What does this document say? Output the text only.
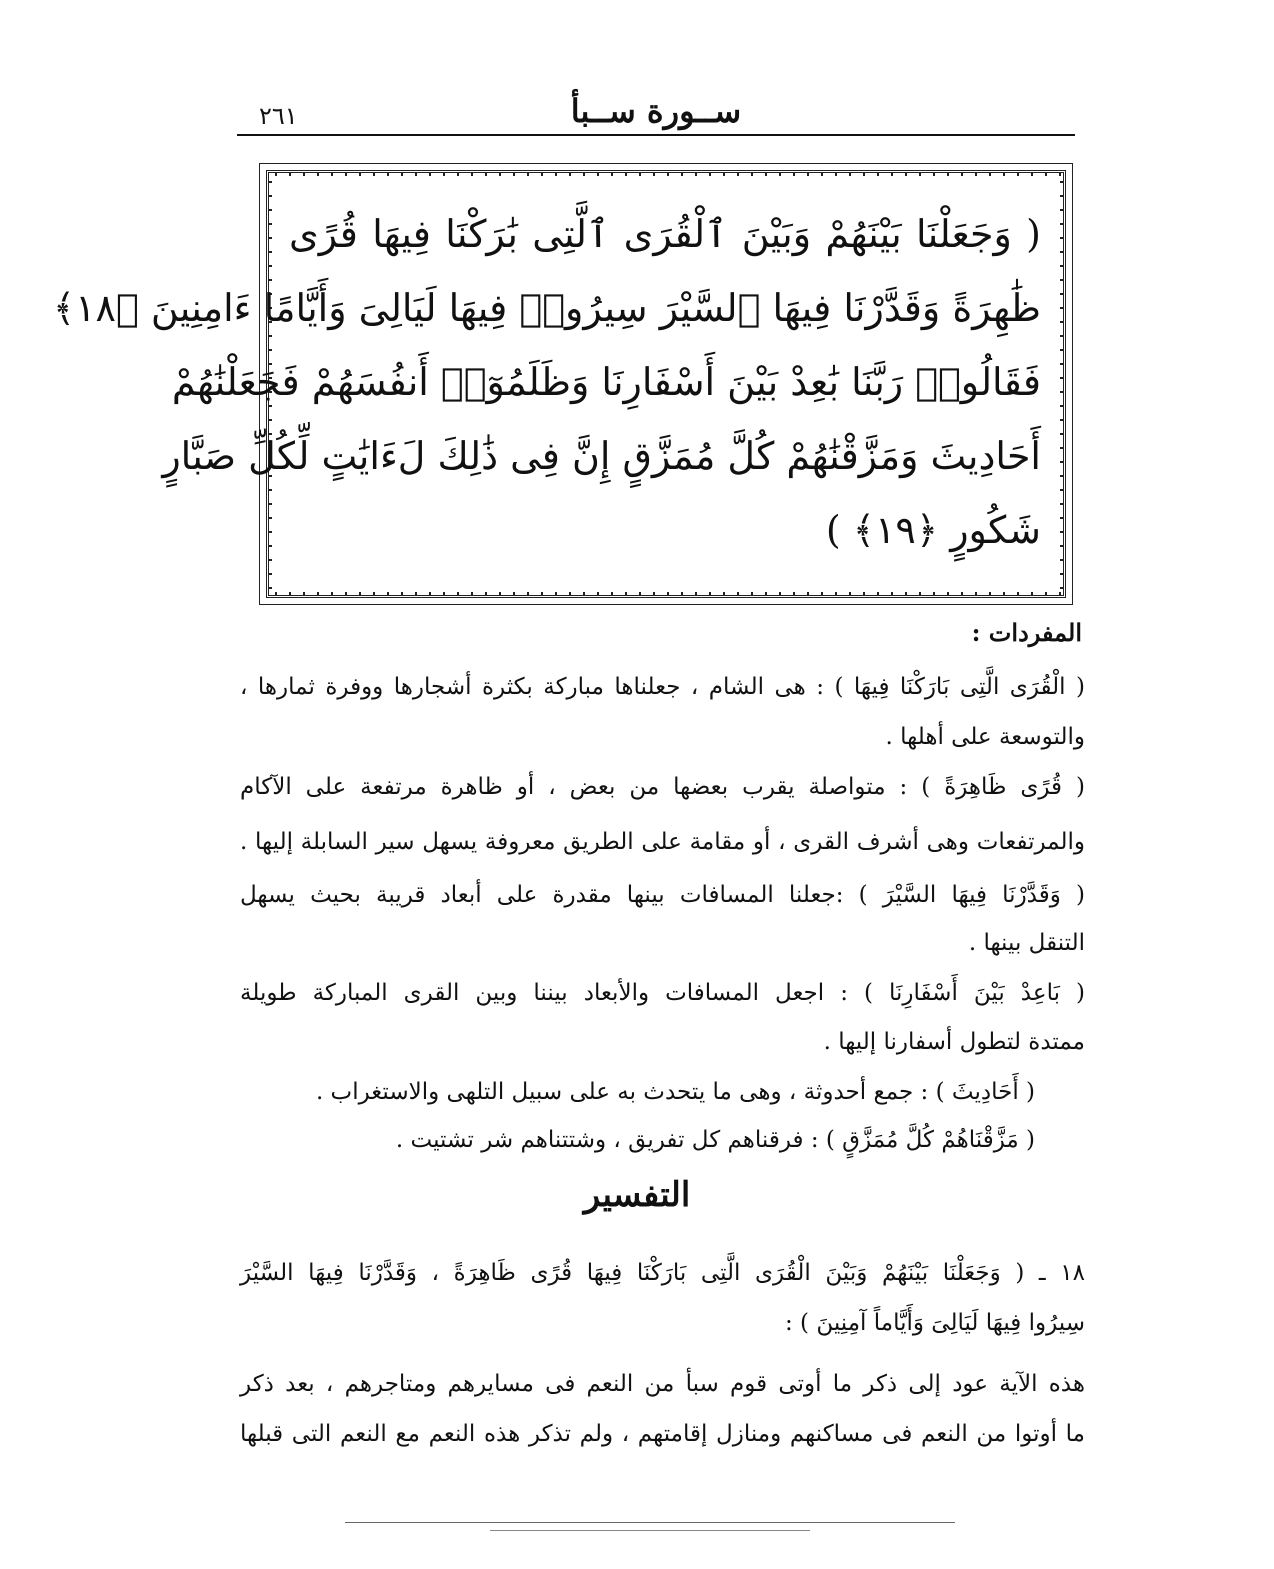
٢٦١	ســورة ســبأ
( وَجَعَلْنَا بَيْنَهُمْ وَبَيْنَ ٱلْقُرَى ٱلَّتِى بَٰرَكْنَا فِيهَا قُرًى
ظَٰهِرَةً وَقَدَّرْنَا فِيهَا ٱلسَّيْرَ سِيرُوا۟ فِيهَا لَيَالِىَ وَأَيَّامًا ءَامِنِينَ ﴿١٨﴾
فَقَالُوا۟ رَبَّنَا بَٰعِدْ بَيْنَ أَسْفَارِنَا وَظَلَمُوٓا۟ أَنفُسَهُمْ فَجَعَلْنَٰهُمْ
أَحَادِيثَ وَمَزَّقْنَٰهُمْ كُلَّ مُمَزَّقٍ إِنَّ فِى ذَٰلِكَ لَءَايَٰتٍ لِّكُلِّ صَبَّارٍ
شَكُورٍ ﴿١٩﴾ )
المفردات :
( الْقُرَى الَّتِى بَارَكْنَا فِيهَا ) : هى الشام ، جعلناها مباركة بكثرة أشجارها ووفرة ثمارها ،
والتوسعة على أهلها .
( قُرًى ظَاهِرَةً ) : متواصلة يقرب بعضها من بعض ، أو ظاهرة مرتفعة على الآكام
والمرتفعات وهى أشرف القرى ، أو مقامة على الطريق معروفة يسهل سير السابلة إليها .
( وَقَدَّرْنَا فِيهَا السَّيْرَ ) :جعلنا المسافات بينها مقدرة على أبعاد قريبة بحيث يسهل
التنقل بينها .
( بَاعِدْ بَيْنَ أَسْفَارِنَا ) : اجعل المسافات والأبعاد بيننا وبين القرى المباركة طويلة
ممتدة لتطول أسفارنا إليها .
( أَحَادِيثَ ) : جمع أحدوثة ، وهى ما يتحدث به على سبيل التلهى والاستغراب .
( مَزَّقْنَاهُمْ كُلَّ مُمَزَّقٍ ) : فرقناهم كل تفريق ، وشتتناهم شر تشتيت .
التفسير
١٨ ـ ( وَجَعَلْنَا بَيْنَهُمْ وَبَيْنَ الْقُرَى الَّتِى بَارَكْنَا فِيهَا قُرًى ظَاهِرَةً ، وَقَدَّرْنَا فِيهَا السَّيْرَ
سِيرُوا فِيهَا لَيَالِىَ وَأَيَّاماً آمِنِينَ ) :
هذه الآية عود إلى ذكر ما أوتى قوم سبأ من النعم فى مسايرهم ومتاجرهم ، بعد ذكر
ما أوتوا من النعم فى مساكنهم ومنازل إقامتهم ، ولم تذكر هذه النعم مع النعم التى قبلها
